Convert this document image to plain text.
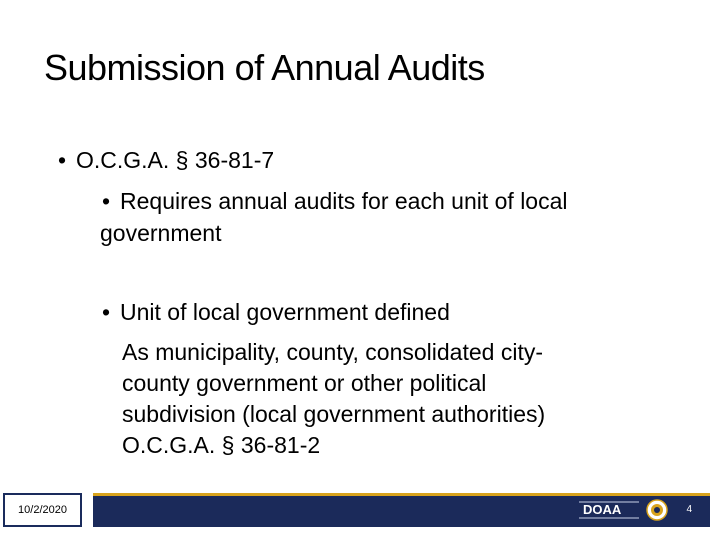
Submission of Annual Audits
• O.C.G.A. § 36-81-7
• Requires annual audits for each unit of local
government
• Unit of local government defined
As municipality, county, consolidated city-
county government or other political
subdivision (local government authorities)
O.C.G.A. § 36-81-2
10/2/2020	DOAA	4
